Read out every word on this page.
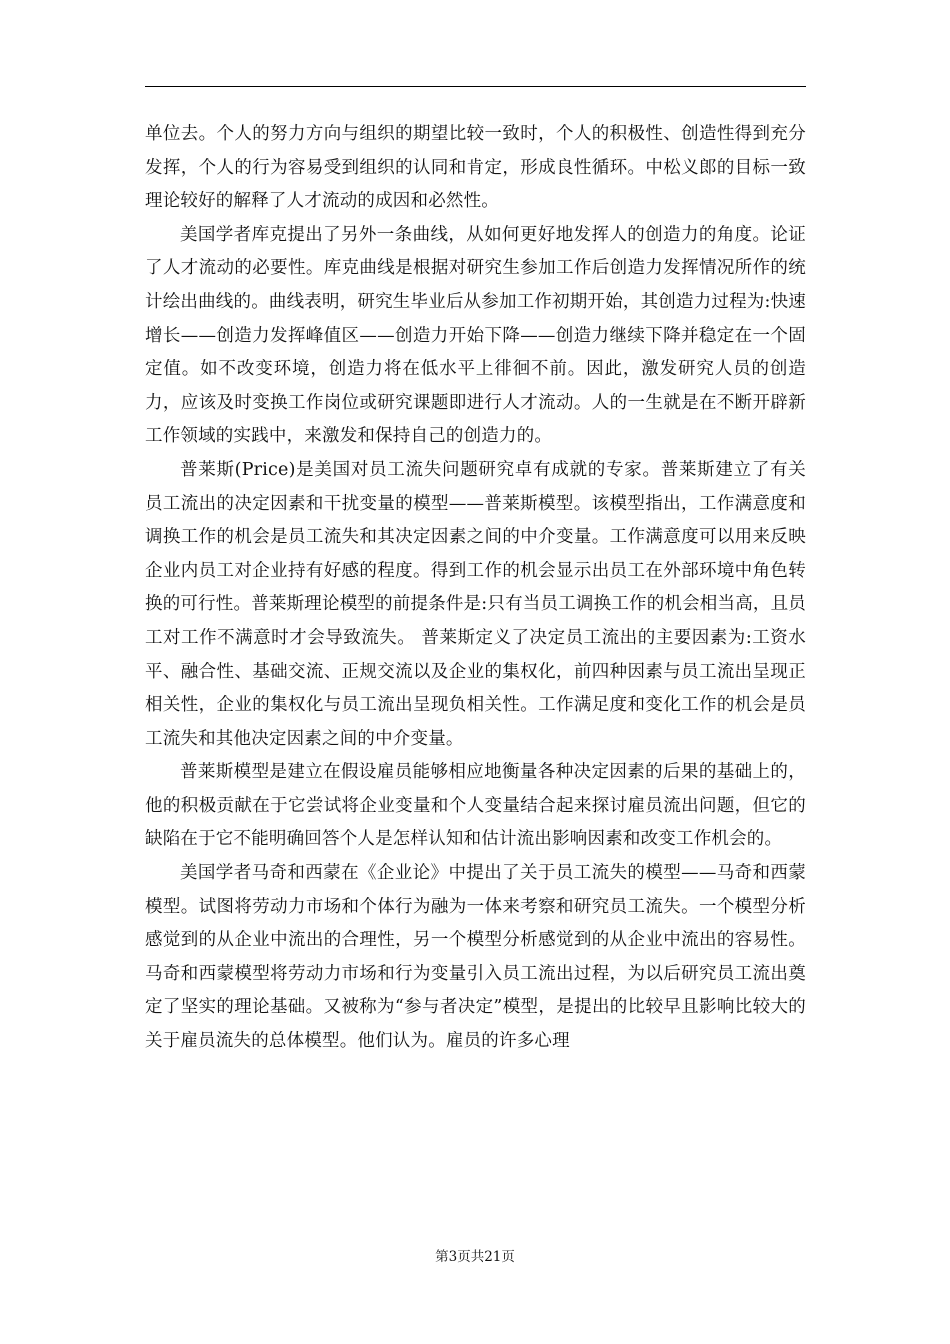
单位去。个人的努力方向与组织的期望比较一致时，个人的积极性、创造性得到充分发挥，个人的行为容易受到组织的认同和肯定，形成良性循环。中松义郎的目标一致理论较好的解释了人才流动的成因和必然性。

美国学者库克提出了另外一条曲线，从如何更好地发挥人的创造力的角度。论证了人才流动的必要性。库克曲线是根据对研究生参加工作后创造力发挥情况所作的统计绘出曲线的。曲线表明，研究生毕业后从参加工作初期开始，其创造力过程为:快速增长——创造力发挥峰值区——创造力开始下降——创造力继续下降并稳定在一个固定值。如不改变环境，创造力将在低水平上徘徊不前。因此，激发研究人员的创造力，应该及时变换工作岗位或研究课题即进行人才流动。人的一生就是在不断开辟新工作领域的实践中，来激发和保持自己的创造力的。

普莱斯(Price)是美国对员工流失问题研究卓有成就的专家。普莱斯建立了有关员工流出的决定因素和干扰变量的模型——普莱斯模型。该模型指出，工作满意度和调换工作的机会是员工流失和其决定因素之间的中介变量。工作满意度可以用来反映企业内员工对企业持有好感的程度。得到工作的机会显示出员工在外部环境中角色转换的可行性。普莱斯理论模型的前提条件是:只有当员工调换工作的机会相当高，且员工对工作不满意时才会导致流失。 普莱斯定义了决定员工流出的主要因素为:工资水平、融合性、基础交流、正规交流以及企业的集权化，前四种因素与员工流出呈现正相关性，企业的集权化与员工流出呈现负相关性。工作满足度和变化工作的机会是员工流失和其他决定因素之间的中介变量。

普莱斯模型是建立在假设雇员能够相应地衡量各种决定因素的后果的基础上的，他的积极贡献在于它尝试将企业变量和个人变量结合起来探讨雇员流出问题，但它的缺陷在于它不能明确回答个人是怎样认知和估计流出影响因素和改变工作机会的。

美国学者马奇和西蒙在《企业论》中提出了关于员工流失的模型——马奇和西蒙模型。试图将劳动力市场和个体行为融为一体来考察和研究员工流失。一个模型分析感觉到的从企业中流出的合理性，另一个模型分析感觉到的从企业中流出的容易性。马奇和西蒙模型将劳动力市场和行为变量引入员工流出过程，为以后研究员工流出奠定了坚实的理论基础。又被称为“参与者决定”模型，是提出的比较早且影响比较大的关于雇员流失的总体模型。他们认为。雇员的许多心理

第3页共21页
